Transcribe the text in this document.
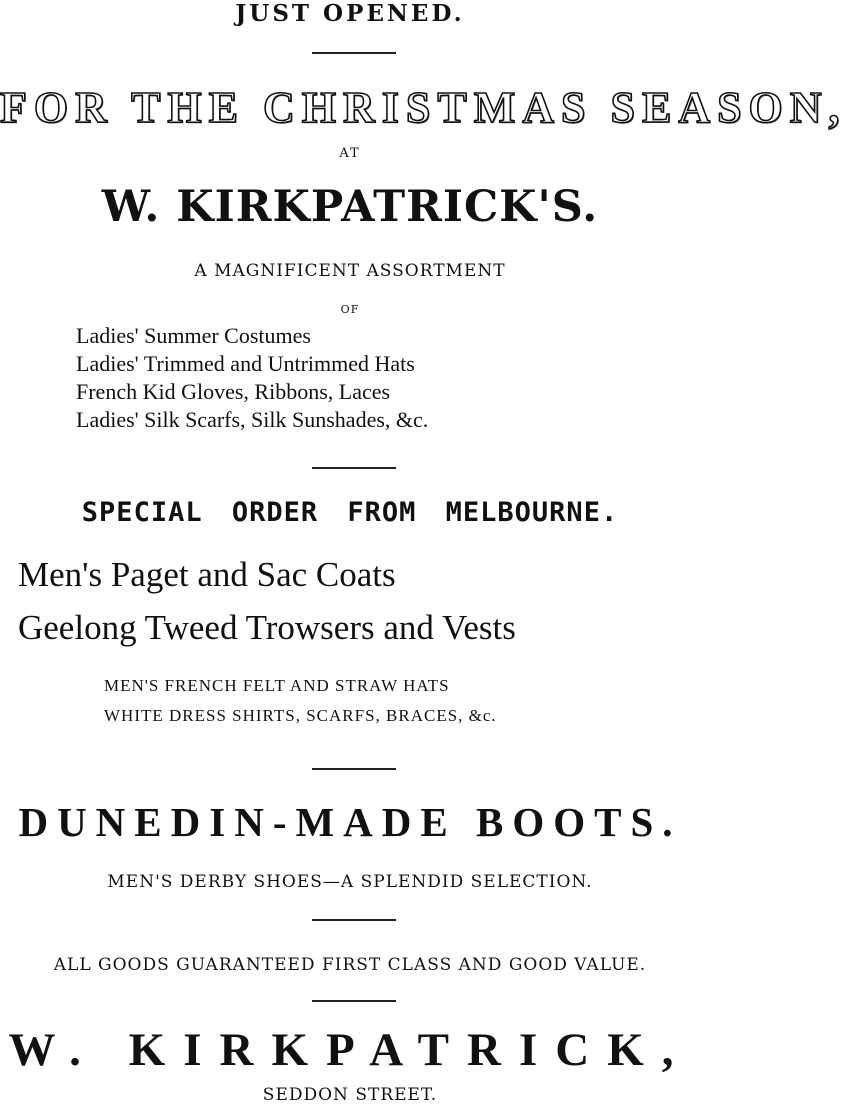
JUST OPENED.
FOR THE CHRISTMAS SEASON,
AT
W. KIRKPATRICK'S.
A MAGNIFICENT ASSORTMENT
OF
Ladies' Summer Costumes
Ladies' Trimmed and Untrimmed Hats
French Kid Gloves, Ribbons, Laces
Ladies' Silk Scarfs, Silk Sunshades, &c.
SPECIAL ORDER FROM MELBOURNE.
Men's Paget and Sac Coats
Geelong Tweed Trowsers and Vests
MEN'S FRENCH FELT AND STRAW HATS
WHITE DRESS SHIRTS, SCARFS, BRACES, &c.
DUNEDIN-MADE BOOTS.
MEN'S DERBY SHOES—A SPLENDID SELECTION.
ALL GOODS GUARANTEED FIRST CLASS AND GOOD VALUE.
W. KIRKPATRICK,
SEDDON STREET.
